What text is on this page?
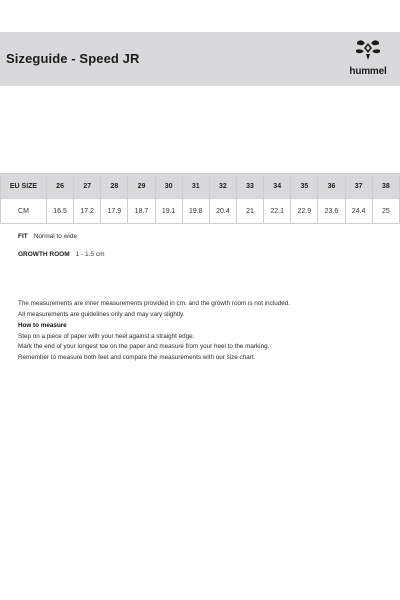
Sizeguide - Speed JR
hummel
EU SIZE	26	27	28	29	30	31	32	33	34	35	36	37	38
CM	16.5	17.2	17.9	18.7	19.1	19.8	20.4	21	22.1	22.9	23.6	24.4	25
FIT Normal to wide
GROWTH ROOM 1 - 1.5 cm

The measurements are inner measurements provided in cm, and the growth room is not included.

All measurements are guidelines only and may vary slightly.

How to measure

Step on a piece of paper with your heel against a straight edge.

Mark the end of your longest toe on the paper and measure from your heel to the marking.

Remember to measure both feet and compare the measurements with our size chart.
